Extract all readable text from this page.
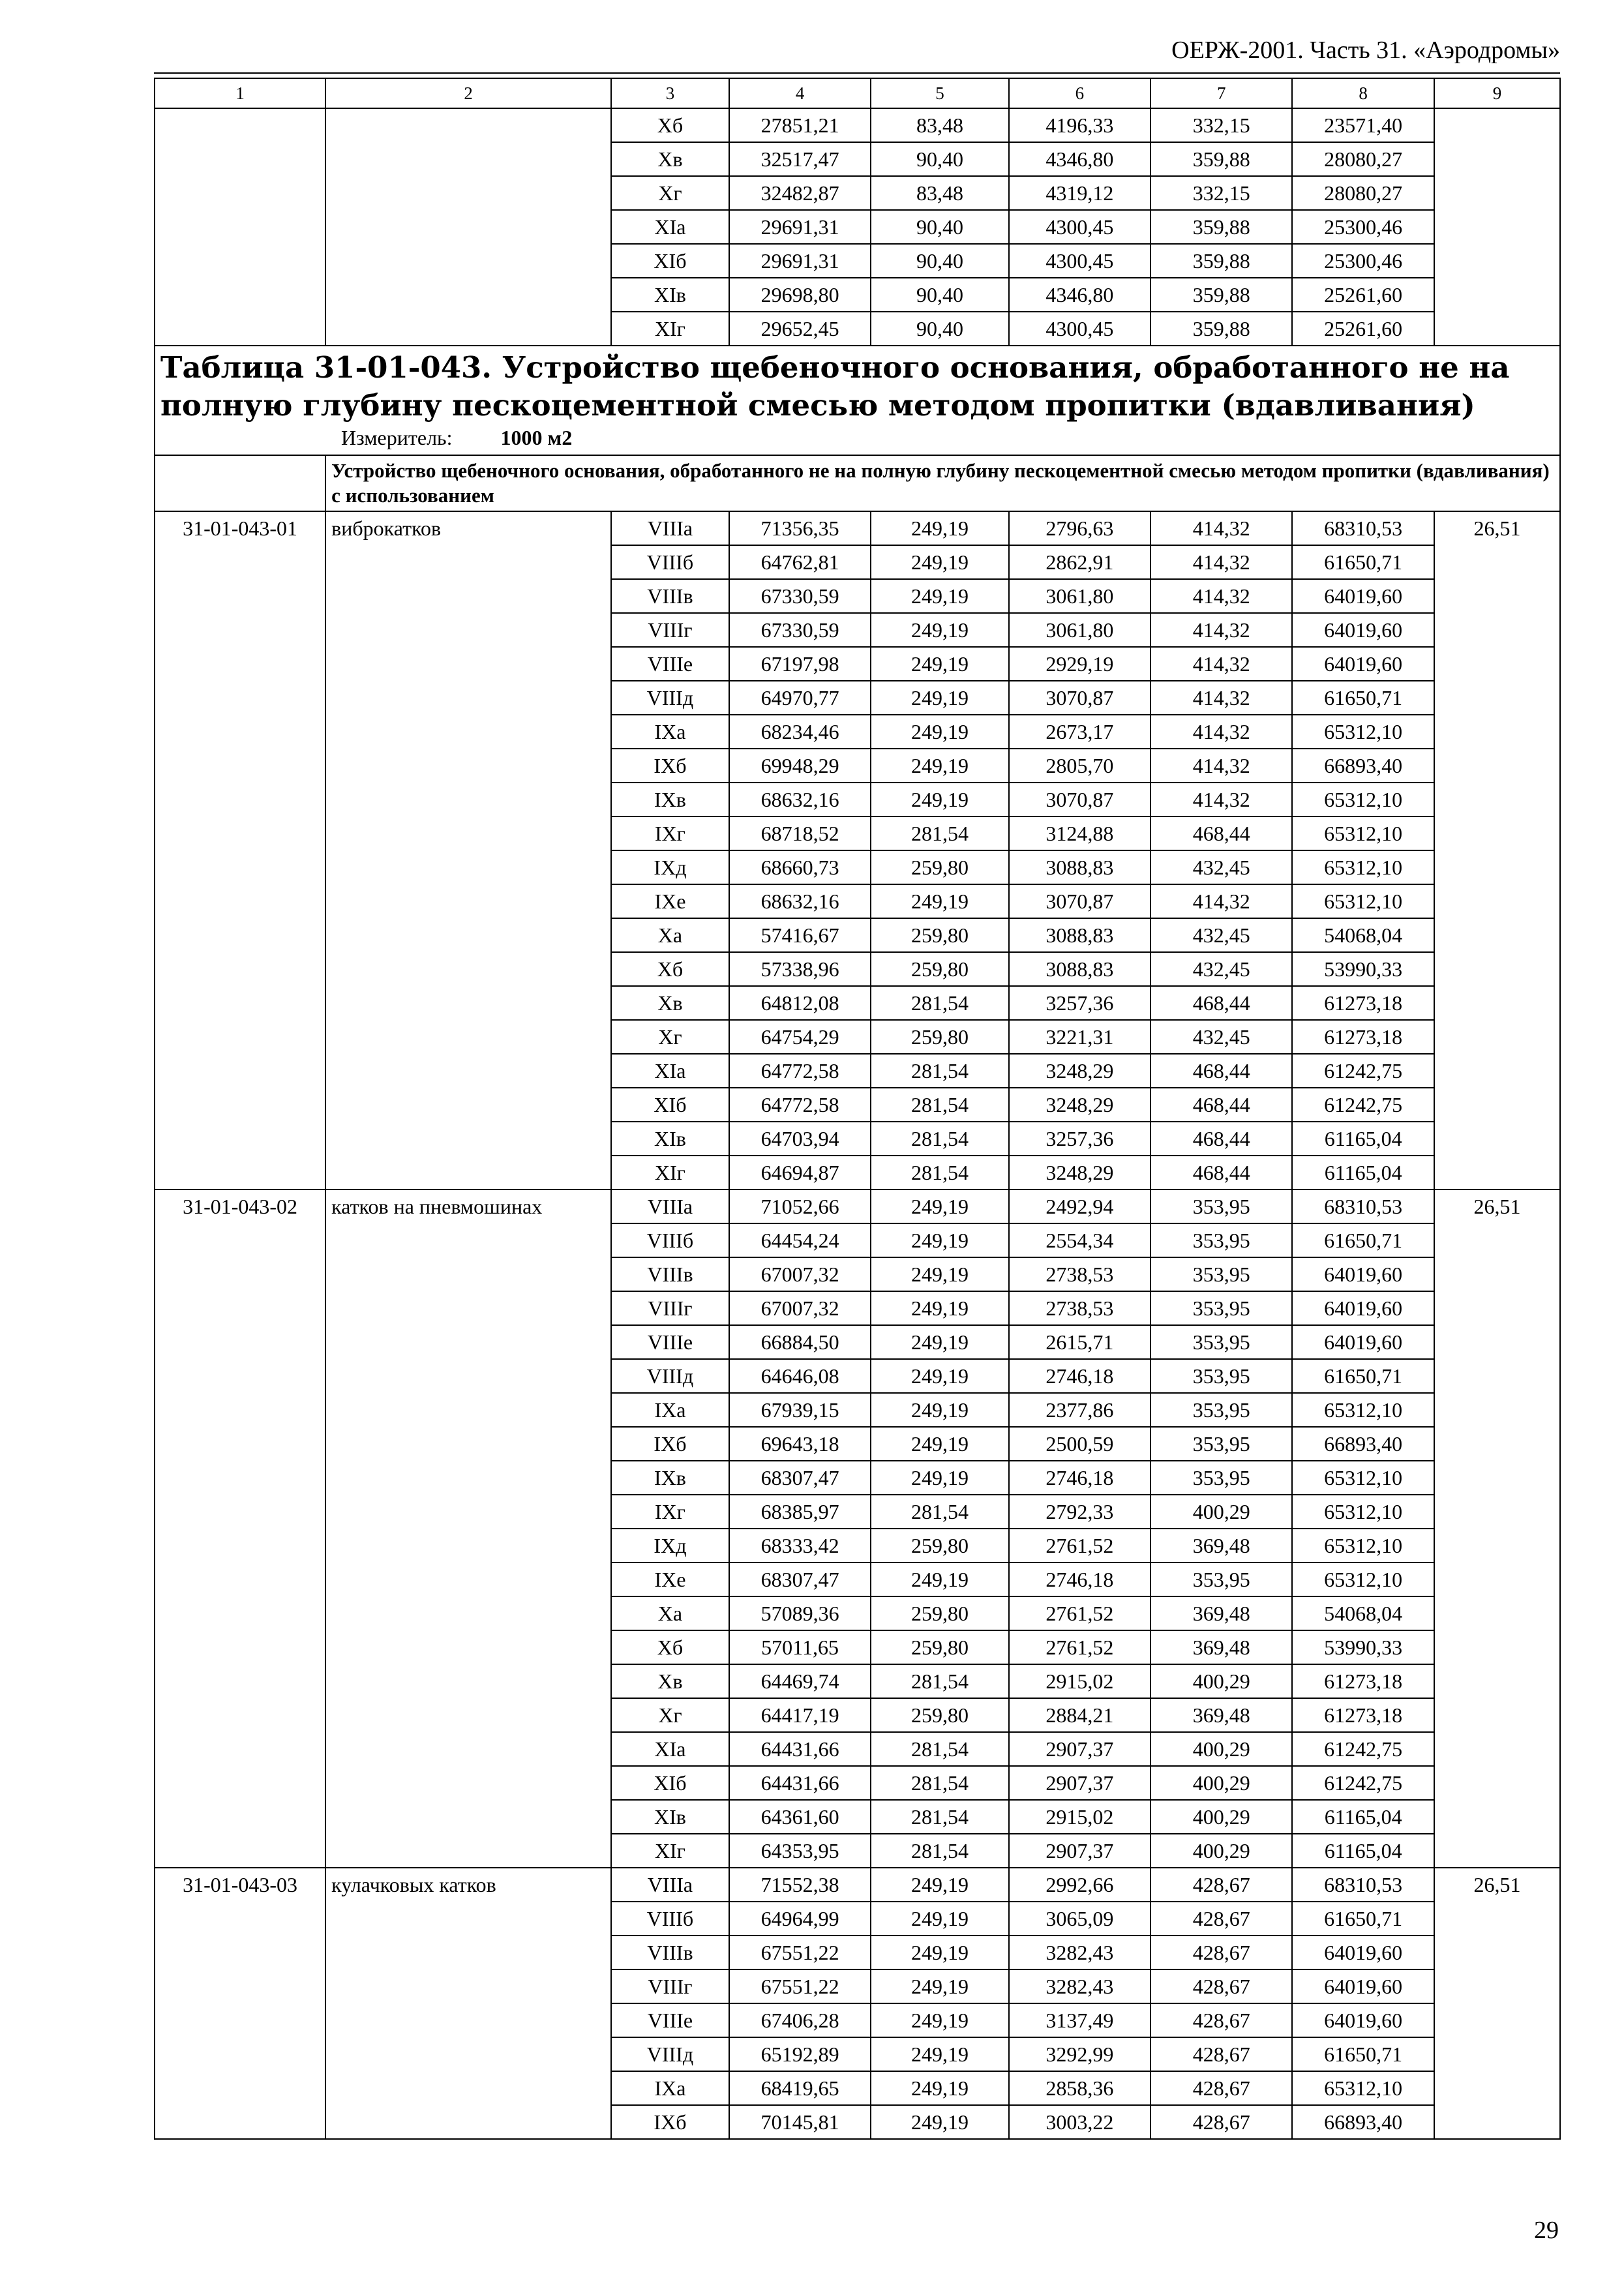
ОЕРЖ-2001. Часть 31. «Аэродромы»
1	2	3	4	5	6	7	8	9
		Xб	27851,21	83,48	4196,33	332,15	23571,40	
		Xв	32517,47	90,40	4346,80	359,88	28080,27	
		Xг	32482,87	83,48	4319,12	332,15	28080,27	
		XIа	29691,31	90,40	4300,45	359,88	25300,46	
		XIб	29691,31	90,40	4300,45	359,88	25300,46	
		XIв	29698,80	90,40	4346,80	359,88	25261,60	
		XIг	29652,45	90,40	4300,45	359,88	25261,60	

Таблица 31-01-043. Устройство щебеночного основания, обработанного не на полную глубину пескоцементной смесью методом пропитки (вдавливания)
Измеритель: 1000 м2								

	Устройство щебеночного основания, обработанного не на полную глубину пескоцементной смесью методом пропитки (вдавливания) с использованием							
31-01-043-01	виброкатков	VIIIа	71356,35	249,19	2796,63	414,32	68310,53	26,51
		VIIIб	64762,81	249,19	2862,91	414,32	61650,71	
		VIIIв	67330,59	249,19	3061,80	414,32	64019,60	
		VIIIг	67330,59	249,19	3061,80	414,32	64019,60	
		VIIIе	67197,98	249,19	2929,19	414,32	64019,60	
		VIIIд	64970,77	249,19	3070,87	414,32	61650,71	
		IXа	68234,46	249,19	2673,17	414,32	65312,10	
		IXб	69948,29	249,19	2805,70	414,32	66893,40	
		IXв	68632,16	249,19	3070,87	414,32	65312,10	
		IXг	68718,52	281,54	3124,88	468,44	65312,10	
		IXд	68660,73	259,80	3088,83	432,45	65312,10	
		IXе	68632,16	249,19	3070,87	414,32	65312,10	
		Xа	57416,67	259,80	3088,83	432,45	54068,04	
		Xб	57338,96	259,80	3088,83	432,45	53990,33	
		Xв	64812,08	281,54	3257,36	468,44	61273,18	
		Xг	64754,29	259,80	3221,31	432,45	61273,18	
		XIа	64772,58	281,54	3248,29	468,44	61242,75	
		XIб	64772,58	281,54	3248,29	468,44	61242,75	
		XIв	64703,94	281,54	3257,36	468,44	61165,04	
		XIг	64694,87	281,54	3248,29	468,44	61165,04	
31-01-043-02	катков на пневмошинах	VIIIа	71052,66	249,19	2492,94	353,95	68310,53	26,51
		VIIIб	64454,24	249,19	2554,34	353,95	61650,71	
		VIIIв	67007,32	249,19	2738,53	353,95	64019,60	
		VIIIг	67007,32	249,19	2738,53	353,95	64019,60	
		VIIIе	66884,50	249,19	2615,71	353,95	64019,60	
		VIIIд	64646,08	249,19	2746,18	353,95	61650,71	
		IXа	67939,15	249,19	2377,86	353,95	65312,10	
		IXб	69643,18	249,19	2500,59	353,95	66893,40	
		IXв	68307,47	249,19	2746,18	353,95	65312,10	
		IXг	68385,97	281,54	2792,33	400,29	65312,10	
		IXд	68333,42	259,80	2761,52	369,48	65312,10	
		IXе	68307,47	249,19	2746,18	353,95	65312,10	
		Xа	57089,36	259,80	2761,52	369,48	54068,04	
		Xб	57011,65	259,80	2761,52	369,48	53990,33	
		Xв	64469,74	281,54	2915,02	400,29	61273,18	
		Xг	64417,19	259,80	2884,21	369,48	61273,18	
		XIа	64431,66	281,54	2907,37	400,29	61242,75	
		XIб	64431,66	281,54	2907,37	400,29	61242,75	
		XIв	64361,60	281,54	2915,02	400,29	61165,04	
		XIг	64353,95	281,54	2907,37	400,29	61165,04	
31-01-043-03	кулачковых катков	VIIIа	71552,38	249,19	2992,66	428,67	68310,53	26,51
		VIIIб	64964,99	249,19	3065,09	428,67	61650,71	
		VIIIв	67551,22	249,19	3282,43	428,67	64019,60	
		VIIIг	67551,22	249,19	3282,43	428,67	64019,60	
		VIIIе	67406,28	249,19	3137,49	428,67	64019,60	
		VIIIд	65192,89	249,19	3292,99	428,67	61650,71	
		IXа	68419,65	249,19	2858,36	428,67	65312,10	
		IXб	70145,81	249,19	3003,22	428,67	66893,40	
29
